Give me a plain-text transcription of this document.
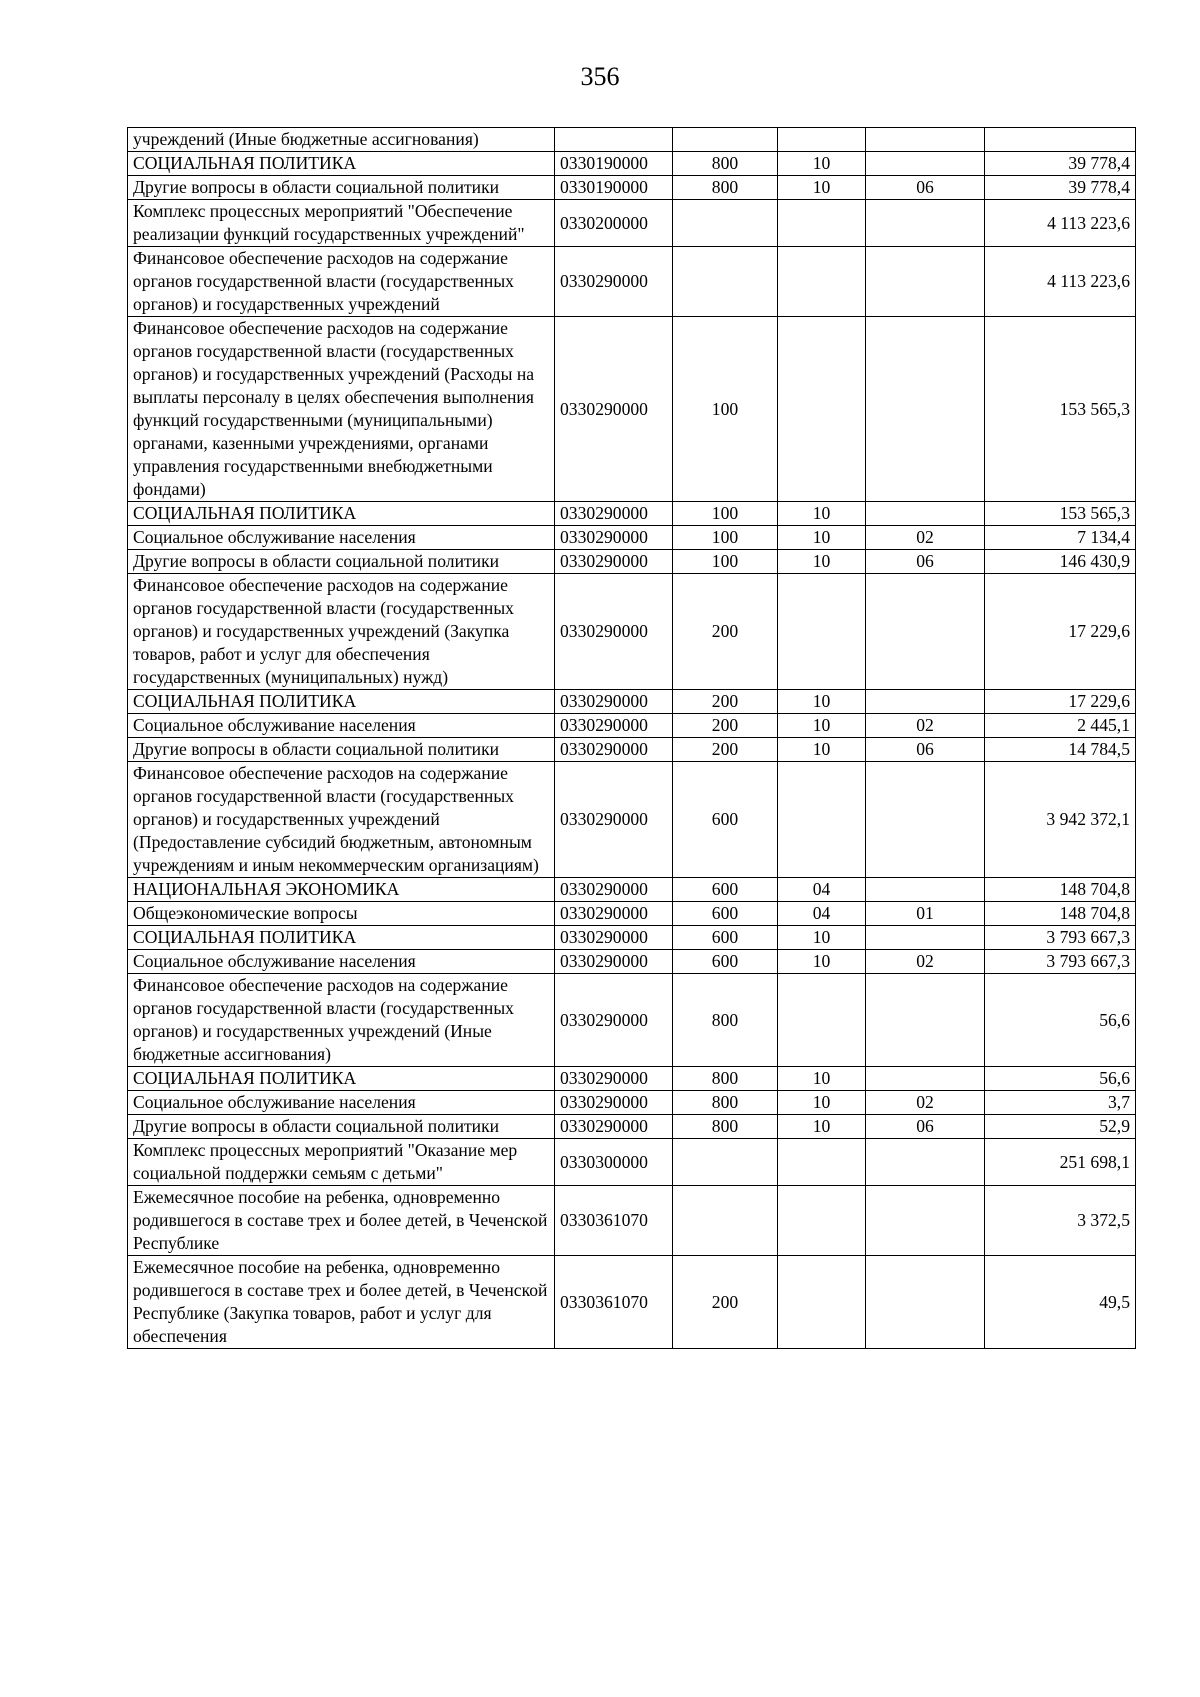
356
учреждений (Иные бюджетные ассигнования)					
СОЦИАЛЬНАЯ ПОЛИТИКА	0330190000	800	10		39 778,4
Другие вопросы в области социальной политики	0330190000	800	10	06	39 778,4
Комплекс процессных мероприятий "Обеспечение реализации функций государственных учреждений"	0330200000				4 113 223,6
Финансовое обеспечение расходов на содержание органов государственной власти (государственных органов) и государственных учреждений	0330290000				4 113 223,6
Финансовое обеспечение расходов на содержание органов государственной власти (государственных органов) и государственных учреждений (Расходы на выплаты персоналу в целях обеспечения выполнения функций государственными (муниципальными) органами, казенными учреждениями, органами управления государственными внебюджетными фондами)	0330290000	100			153 565,3
СОЦИАЛЬНАЯ ПОЛИТИКА	0330290000	100	10		153 565,3
Социальное обслуживание населения	0330290000	100	10	02	7 134,4
Другие вопросы в области социальной политики	0330290000	100	10	06	146 430,9
Финансовое обеспечение расходов на содержание органов государственной власти (государственных органов) и государственных учреждений (Закупка товаров, работ и услуг для обеспечения государственных (муниципальных) нужд)	0330290000	200			17 229,6
СОЦИАЛЬНАЯ ПОЛИТИКА	0330290000	200	10		17 229,6
Социальное обслуживание населения	0330290000	200	10	02	2 445,1
Другие вопросы в области социальной политики	0330290000	200	10	06	14 784,5
Финансовое обеспечение расходов на содержание органов государственной власти (государственных органов) и государственных учреждений (Предоставление субсидий бюджетным, автономным учреждениям и иным некоммерческим организациям)	0330290000	600			3 942 372,1
НАЦИОНАЛЬНАЯ ЭКОНОМИКА	0330290000	600	04		148 704,8
Общеэкономические вопросы	0330290000	600	04	01	148 704,8
СОЦИАЛЬНАЯ ПОЛИТИКА	0330290000	600	10		3 793 667,3
Социальное обслуживание населения	0330290000	600	10	02	3 793 667,3
Финансовое обеспечение расходов на содержание органов государственной власти (государственных органов) и государственных учреждений (Иные бюджетные ассигнования)	0330290000	800			56,6
СОЦИАЛЬНАЯ ПОЛИТИКА	0330290000	800	10		56,6
Социальное обслуживание населения	0330290000	800	10	02	3,7
Другие вопросы в области социальной политики	0330290000	800	10	06	52,9
Комплекс процессных мероприятий "Оказание мер социальной поддержки семьям с детьми"	0330300000				251 698,1
Ежемесячное пособие на ребенка, одновременно родившегося в составе трех и более детей, в Чеченской Республике	0330361070				3 372,5
Ежемесячное пособие на ребенка, одновременно родившегося в составе трех и более детей, в Чеченской Республике (Закупка товаров, работ и услуг для обеспечения	0330361070	200			49,5
